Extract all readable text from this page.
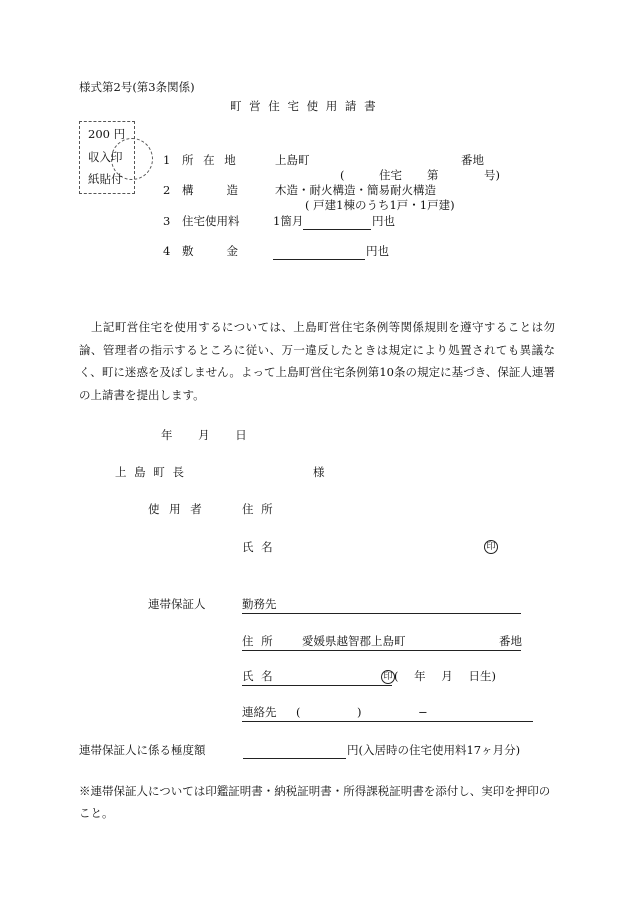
様式第2号(第3条関係)
町 営 住 宅 使 用 請 書
200 円
収入印
紙貼付
1 所 在 地	上島町	番地
(	住宅 第	号)
2 構 造	木造・耐火構造・簡易耐火構造
( 戸建1棟のうち1戸・1戸建)
3 住宅使用料	1箇月	円也
4 敷 金	円也
上記町営住宅を使用するについては、上島町営住宅条例等関係規則を遵守することは勿論、管理者の指示するところに従い、万一違反したときは規定により処置されても異議なく、町に迷惑を及ぼしません。よって上島町営住宅条例第10条の規定に基づき、保証人連署の上請書を提出します。
年 月 日
上 島 町 長	様
使 用 者	住 所
氏 名	印
連帯保証人	勤務先
住 所 愛媛県越智郡上島町	番地
氏 名	印 ( 年 月 日生)
連絡先 (	)	−
連帯保証人に係る極度額	円(入居時の住宅使用料17ヶ月分)
※連帯保証人については印鑑証明書・納税証明書・所得課税証明書を添付し、実印を押印のこと。
